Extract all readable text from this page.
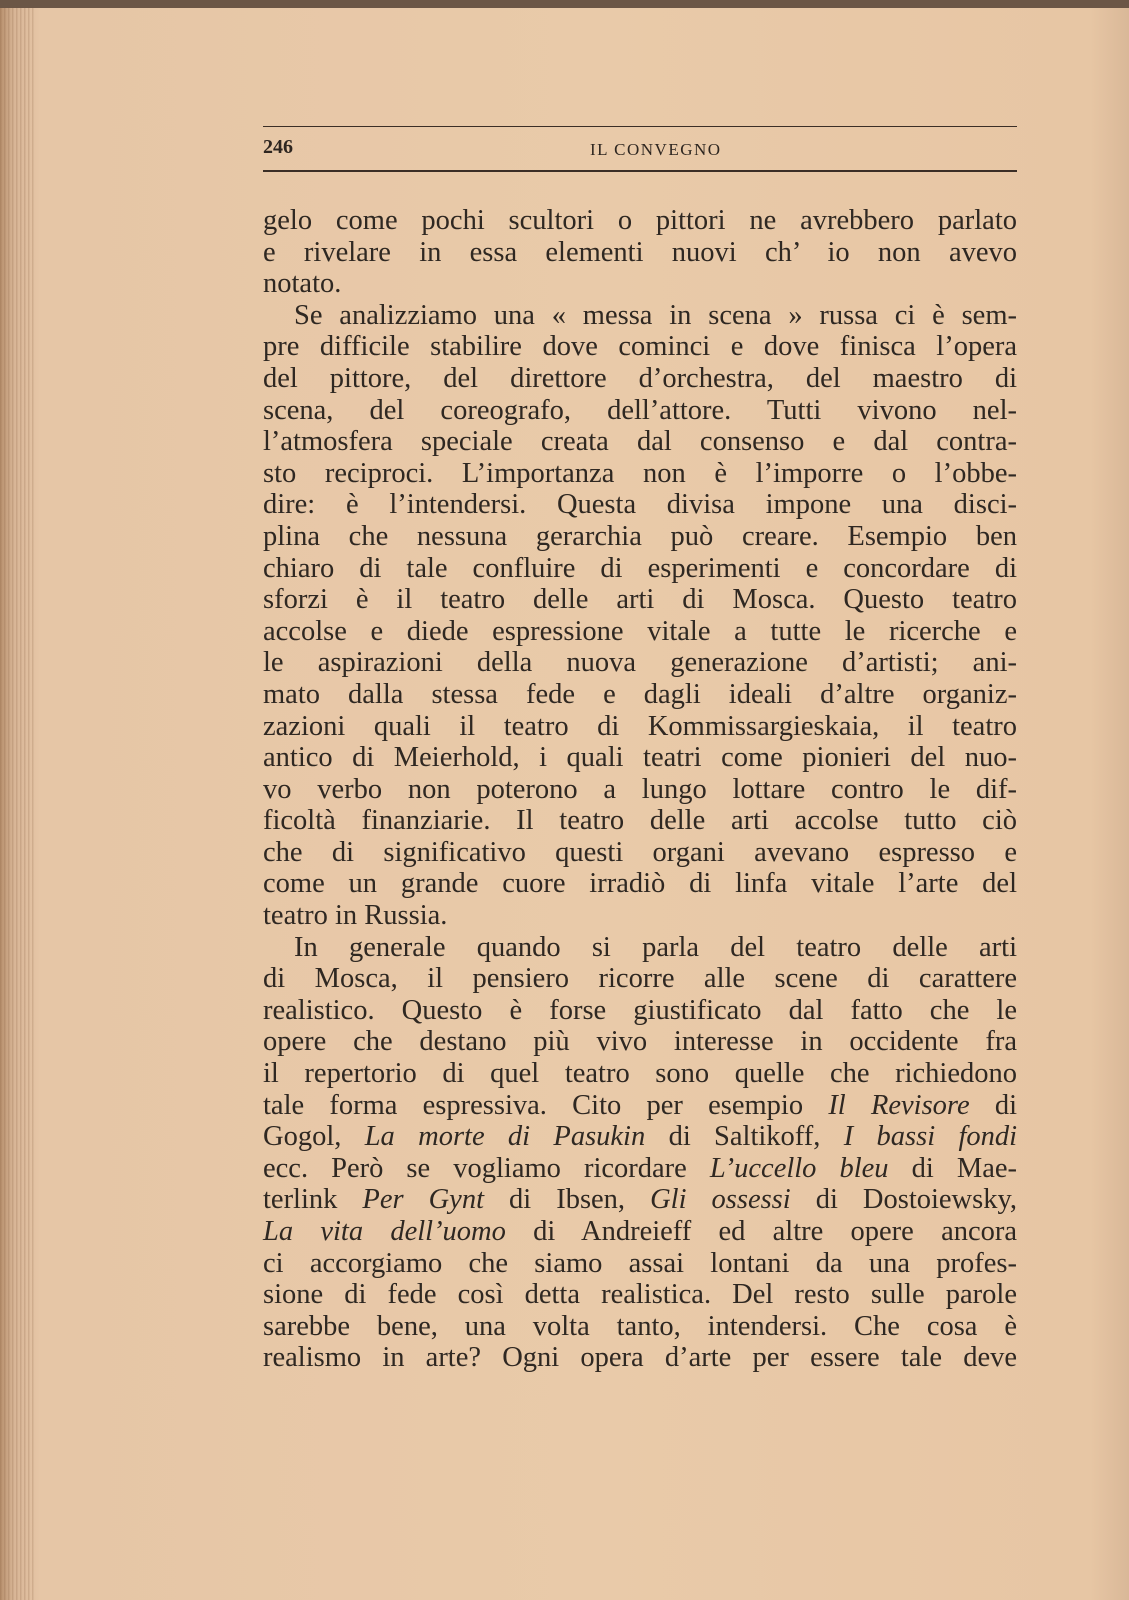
246	IL CONVEGNO
gelo come pochi scultori o pittori ne avrebbero parlato
e rivelare in essa elementi nuovi ch’ io non avevo
notato.
Se analizziamo una « messa in scena » russa ci è sem-
pre difficile stabilire dove cominci e dove finisca l’opera
del pittore, del direttore d’orchestra, del maestro di
scena, del coreografo, dell’attore. Tutti vivono nel-
l’atmosfera speciale creata dal consenso e dal contra-
sto reciproci. L’importanza non è l’imporre o l’obbe-
dire: è l’intendersi. Questa divisa impone una disci-
plina che nessuna gerarchia può creare. Esempio ben
chiaro di tale confluire di esperimenti e concordare di
sforzi è il teatro delle arti di Mosca. Questo teatro
accolse e diede espressione vitale a tutte le ricerche e
le aspirazioni della nuova generazione d’artisti; ani-
mato dalla stessa fede e dagli ideali d’altre organiz-
zazioni quali il teatro di Kommissargieskaia, il teatro
antico di Meierhold, i quali teatri come pionieri del nuo-
vo verbo non poterono a lungo lottare contro le dif-
ficoltà finanziarie. Il teatro delle arti accolse tutto ciò
che di significativo questi organi avevano espresso e
come un grande cuore irradiò di linfa vitale l’arte del
teatro in Russia.
In generale quando si parla del teatro delle arti
di Mosca, il pensiero ricorre alle scene di carattere
realistico. Questo è forse giustificato dal fatto che le
opere che destano più vivo interesse in occidente fra
il repertorio di quel teatro sono quelle che richiedono
tale forma espressiva. Cito per esempio Il Revisore di
Gogol, La morte di Pasukin di Saltikoff, I bassi fondi
ecc. Però se vogliamo ricordare L’uccello bleu di Mae-
terlink Per Gynt di Ibsen, Gli ossessi di Dostoiewsky,
La vita dell’uomo di Andreieff ed altre opere ancora
ci accorgiamo che siamo assai lontani da una profes-
sione di fede così detta realistica. Del resto sulle parole
sarebbe bene, una volta tanto, intendersi. Che cosa è
realismo in arte? Ogni opera d’arte per essere tale deve
